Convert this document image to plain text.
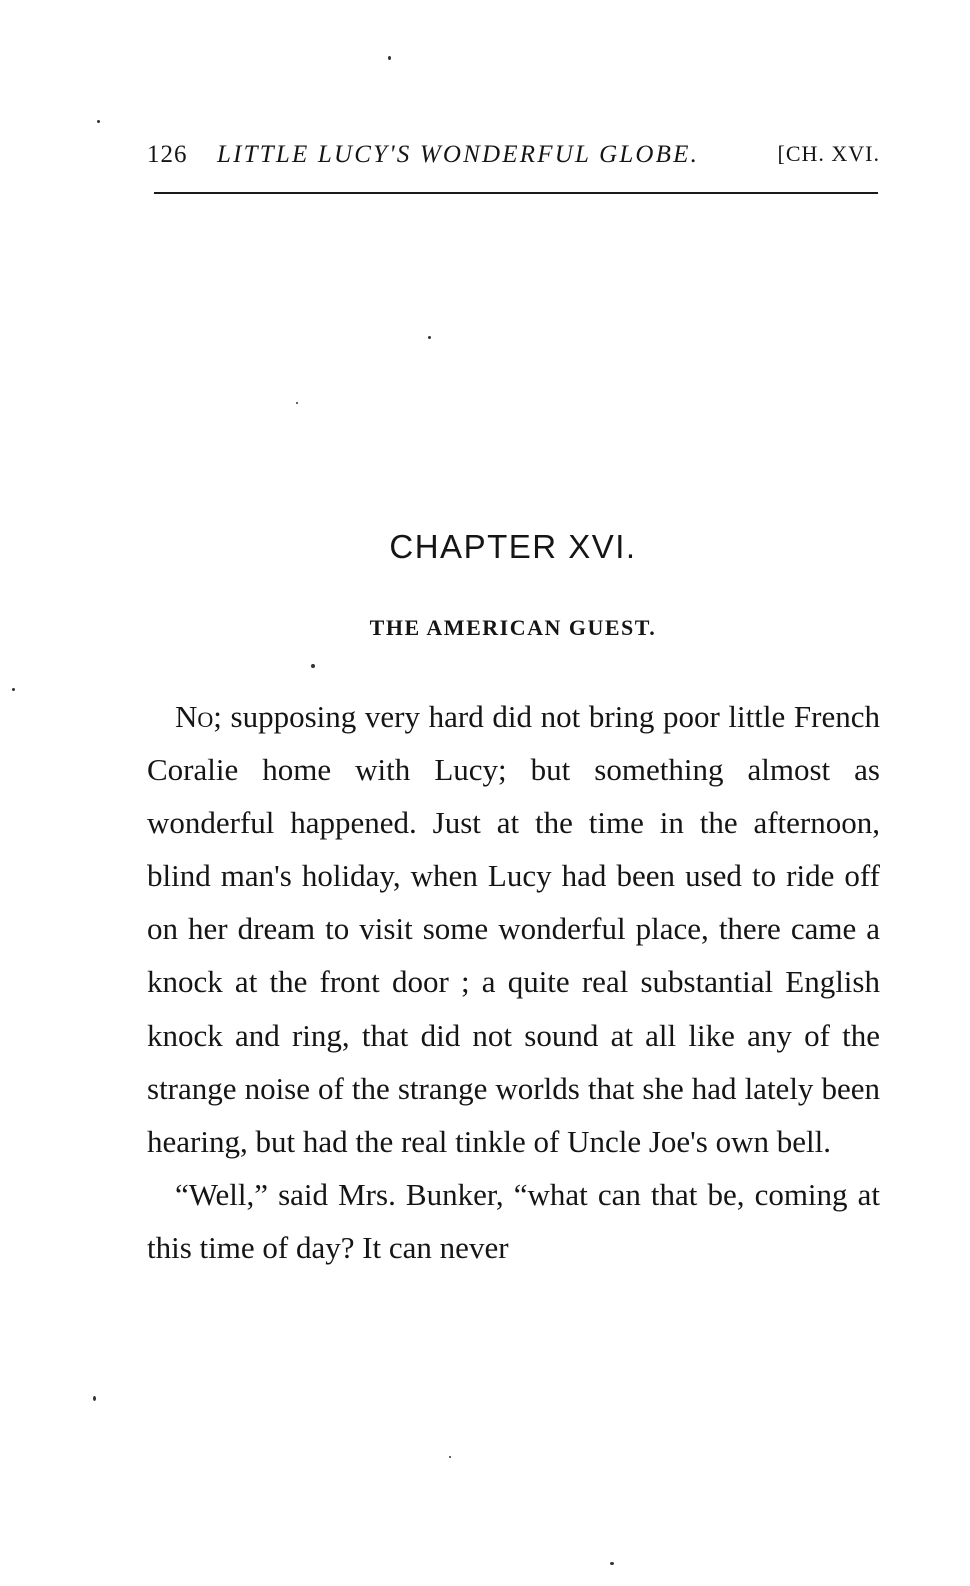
126 LITTLE LUCY'S WONDERFUL GLOBE.	[CH. XVI.
CHAPTER XVI.
THE AMERICAN GUEST.

No; supposing very hard did not bring poor little French Coralie home with Lucy; but something almost as wonderful happened. Just at the time in the afternoon, blind man's holiday, when Lucy had been used to ride off on her dream to visit some wonderful place, there came a knock at the front door ; a quite real substantial English knock and ring, that did not sound at all like any of the strange noise of the strange worlds that she had lately been hearing, but had the real tinkle of Uncle Joe's own bell.

“Well,” said Mrs. Bunker, “what can that be, coming at this time of day? It can never
